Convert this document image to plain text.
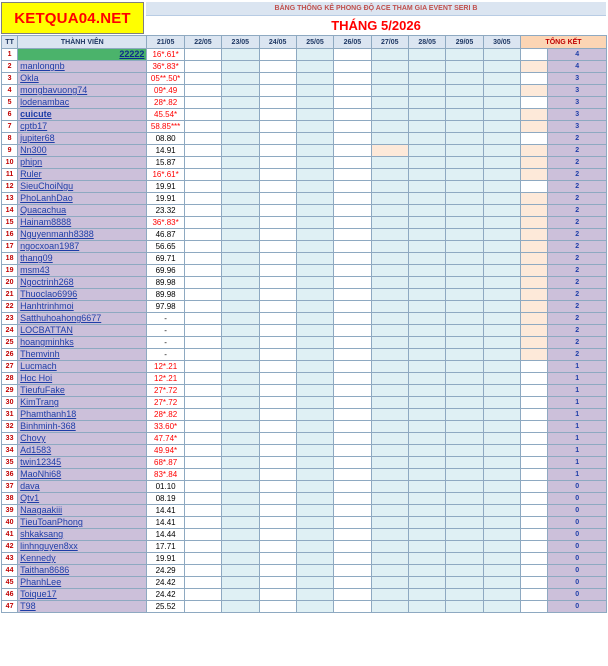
KETQUA04.NET
BẢNG THỐNG KÊ PHONG ĐỘ ACE THAM GIA EVENT SERI B
THÁNG 5/2026
TT	THÀNH VIÊN	21/05	22/05	23/05	24/05	25/05	26/05	27/05	28/05	29/05	30/05	TỔNG KẾT	
1	22222	16*.61*											4
2	manlongnb	36*.83*											4
3	Okla	05**.50*											3
4	mongbavuong74	09*.49											3
5	lodenambac	28*.82											3
6	cuicute	45.54*											3
7	cptb17	58.85***											3
8	jupiter68	08.80											2
9	Nn300	14.91											2
10	phipn	15.87											2
11	Ruler	16*.61*											2
12	SieuChoiNgu	19.91											2
13	PhoLanhDao	19.91											2
14	Quacachua	23.32											2
15	Hainam8888	36*.83*											2
16	Nguyenmanh8388	46.87											2
17	ngocxoan1987	56.65											2
18	thang09	69.71											2
19	msm43	69.96											2
20	Ngoctrinh268	89.98											2
21	Thuoclao6996	89.98											2
22	Hanhtrinhmoi	97.98											2
23	Satthuhoahong6677	-											2
24	LOCBATTAN	-											2
25	hoangminhks	-											2
26	Themvinh	-											2
27	Lucmach	12*.21											1
28	Hoc Hoi	12*.21											1
29	TieufuFake	27*.72											1
30	KimTrang	27*.72											1
31	Phamthanh18	28*.82											1
32	Binhminh-368	33.60*											1
33	Chovy	47.74*											1
34	Ad1583	49.94*											1
35	twin12345	68*.87											1
36	MaoNhi68	83*.84											1
37	dava	01.10											0
38	Qtv1	08.19											0
39	Naagaakiii	14.41											0
40	TieuToanPhong	14.41											0
41	shkaksang	14.44											0
42	linhnguyen8xx	17.71											0
43	Kennedy	19.91											0
44	Taithan8686	24.29											0
45	PhanhLee	24.42											0
46	Toique17	24.42											0
47	T98	25.52											0
